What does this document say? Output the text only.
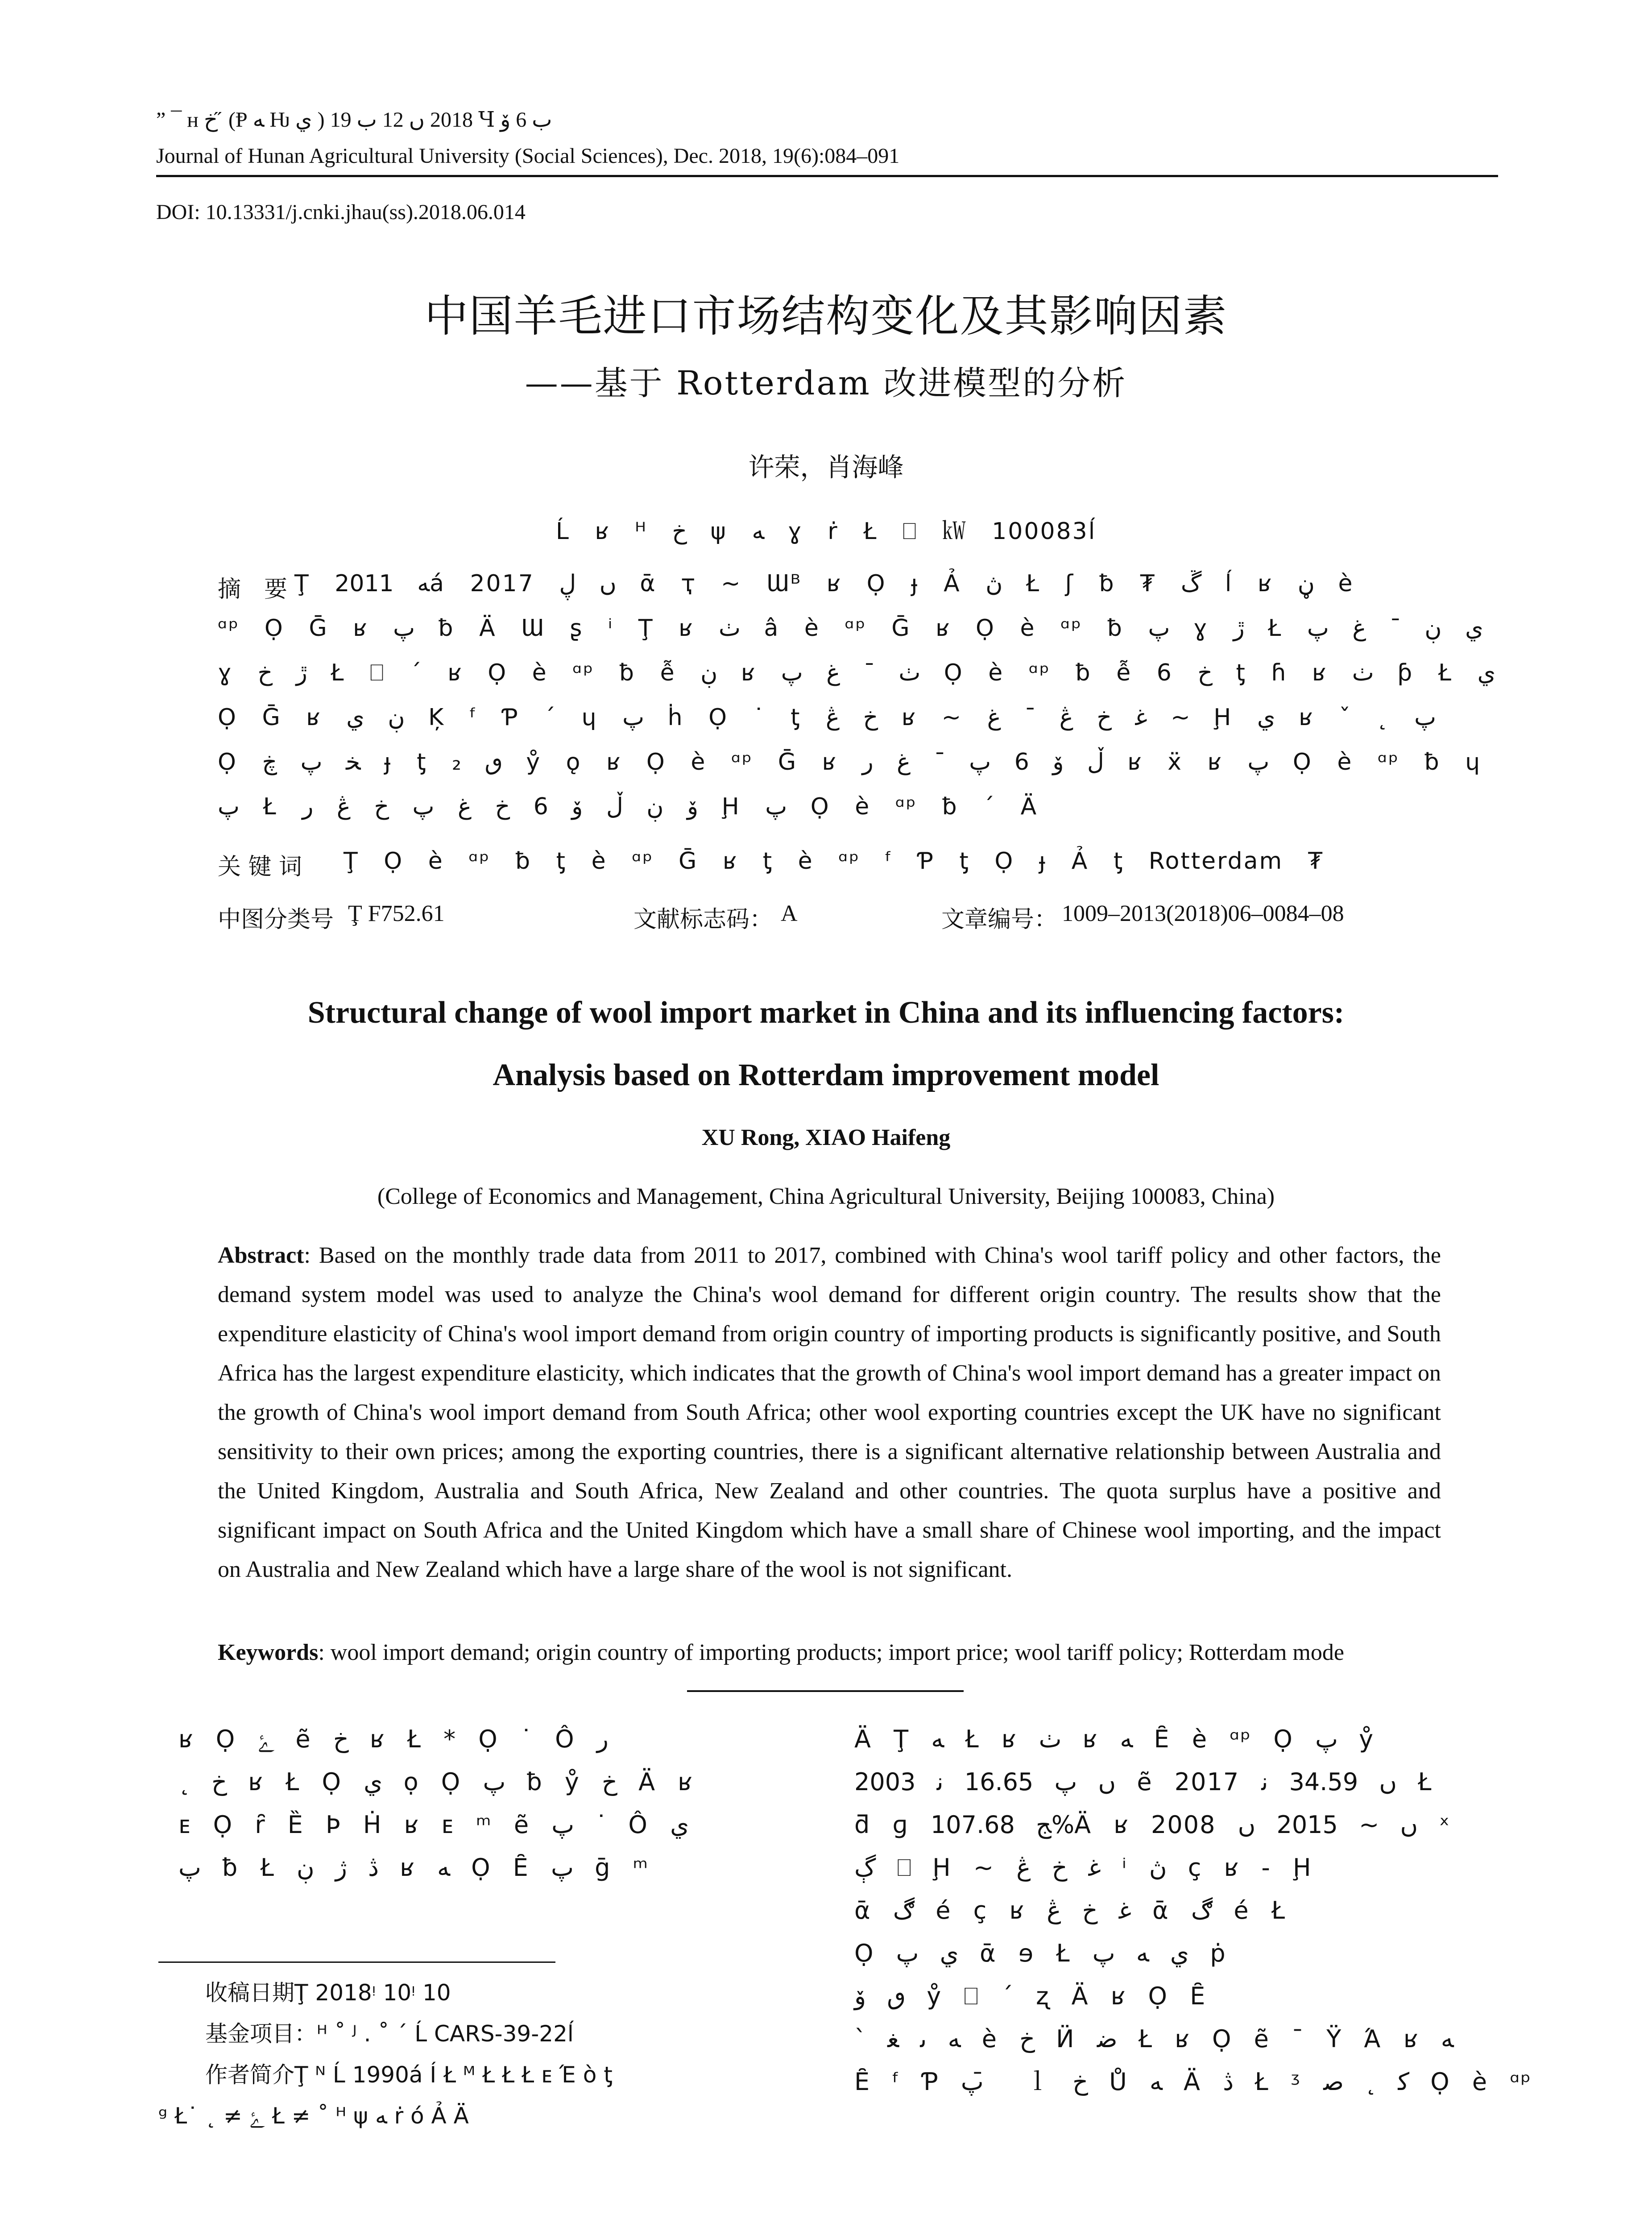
” ¯ ʜ خ ̋ (Ᵽ ﻪ Ƕ ي ) 2018 ں 12 ب 19 Ɥ ب 6 ﯙ
Journal of Hunan Agricultural University (Social Sciences), Dec. 2018, 19(6):084–091
DOI: 10.13331/j.cnki.jhau(ss).2018.06.014
中国羊毛进口市场结构变化及其影响因素
——基于 Rotterdam 改进模型的分析
许荣，肖海峰
Ĺ ʁ ᴴ خ ψ ﻪ ɣ ṙ Ł ⎕ ㎾ 100083ĺ
摘　要 Ţ ﻪ 2011á 2017 ں ڸ ᾱ ҭ ~ Ɯᴮ ʁ Ọ ɟ Ả ڽ Ł ʃ ƀ ₮ ڱ ĺ ʁ ڼ è
ᵅᵖ Ọ Ḡ ʁ پ ƀ Ä Ɯ ʂ ⁱ Ţ ʁ ٺ â è ᵅᵖ Ḡ ʁ Ọ è ᵅᵖ ƀ پ ɣ ڙ Ł ي ڹ ¯ غ پ
ɣ ڙ خ Ł ⎕ ´ ʁ Ọ è ᵅᵖ ƀ ễ ڹ ʁ ٺ ¯ غ پ Ọ è ᵅᵖ ƀ ễ 6 خ ƫ ɦ ʁ ٺ ƥ Ł ي
Ọ Ḡ ʁ ڹ ي Ķ ᶠ Ƥ ´ ɥ پ ḣ Ọ ˙ ƫ خ ڠ ʁ ~ ﻏ خ ڠ ¯ غ ~ Ḩ ي ʁ ˇ ˛ پ
Ọ ﺨ پ ڿ ɟ ƫ ٯ ₂ ẙ ǫ ʁ Ọ è ᵅᵖ Ḡ ʁ ڵ ﯙ 6 پ ¯ غ ﺭ ʁ ẍ ʁ پ Ọ è ᵅᵖ ƀ ɥ
پ Ł ﯙ ڹ ڵ ﯙ 6 خ غ پ خ ڠ ﺭ Ḩ پ Ọ è ᵅᵖ ƀ ´ Ä
关 键 词 Ţ Ọ è ᵅᵖ ƀ ƫ è ᵅᵖ Ḡ ʁ ƫ è ᵅᵖ ᶠ Ƥ ƫ Ọ ɟ Ả ƫ Rotterdam ₮
中图分类号 Ţ F752.61	文献标志码： A	文章编号： 1009–2013(2018)06–0084–08
Structural change of wool import market in China and its influencing factors:
Analysis based on Rotterdam improvement model
XU Rong, XIAO Haifeng
(College of Economics and Management, China Agricultural University, Beijing 100083, China)
Abstract: Based on the monthly trade data from 2011 to 2017, combined with China's wool tariff policy and other factors, the demand system model was used to analyze the China's wool demand for different origin country. The results show that the expenditure elasticity of China's wool import demand from origin country of importing products is significantly positive, and South Africa has the largest expenditure elasticity, which indicates that the growth of China's wool import demand has a greater impact on the growth of China's wool import demand from South Africa; other wool exporting countries except the UK have no significant sensitivity to their own prices; among the exporting countries, there is a significant alternative relationship between Australia and the United Kingdom, Australia and South Africa, New Zealand and other countries. The quota surplus have a positive and significant impact on South Africa and the United Kingdom which have a small share of Chinese wool importing, and the impact on Australia and New Zealand which have a large share of the wool is not significant.
Keywords: wool import demand; origin country of importing products; import price; wool tariff policy; Rotterdam mode
ʁ Ọ ﮰ ẽ خ ʁ Ł * Ọ ˙ Ô ﺭ
˛ خ ʁ Ł Ọ ي ọ Ọ پ ƀ ẙ خ Ä ʁ
ᴇ Ọ ȓ Ȅ Þ Ḣ ʁ ᴇ ᵐ ẽ پ ˙ Ô ي
پ ƀ Ł ڎ ژ ڹ ʁ ﻪ Ọ Ȇ پ ḡ ᵐ
收稿日期Ţ 2018ᵎ 10ᵎ 10
基金项目：ᴴ ˚ ᴶ . ˚ ´ Ĺ CARS-39-22ĺ
作者简介Ţ ᴺ Ĺ 1990á Í Ł ᴹ Ł Ł Ł ᴇ Έ ò ƫ
ᵍ Ł˙ ˛ ≠ ﮰ Ł ≠ ˚ ᴴ ψ ﻪ ṙ ó Ả Ä
Ä Ţ ﻪ Ł ʁ ٺ ʁ ﻪ Ȇ è ᵅᵖ Ọ پ ẙ
2003 ں پ 16.65 ﻧ ẽ 2017 ں 34.59 ﻧ Ł
ƌ ɡ ﺞ 107.68%Ä ʁ 2008 ں ~ 2015 ں ˣ
ڳ ⎕ Ḩ ~ ﻏ خ ڠ ⁱ ڽ ç ʁ - Ḩ
ᾱ ڰ é ç ʁ ﻏ خ ڠ ᾱ ڰ é Ł
Ọ ي پ ᾱ ɘ Ł ي ﻪ پ ṗ
ٯ ﯙ ẙ ⎕ ´ ʐ Ä ʁ Ọ Ȇ
ˋ ﻪ ﯨ ﻐ è خ Ӥ ﺿ Ł ʁ Ọ ẽ ¯ Ÿ Ά ʁ ﻪ
Ȇ ᶠ Ƥ پ ̄ ｌ خ Ů ﻪ Ä ڎ Ł ᶾ ﻛ ˛ ﺻ Ọ è ᵅᵖ
